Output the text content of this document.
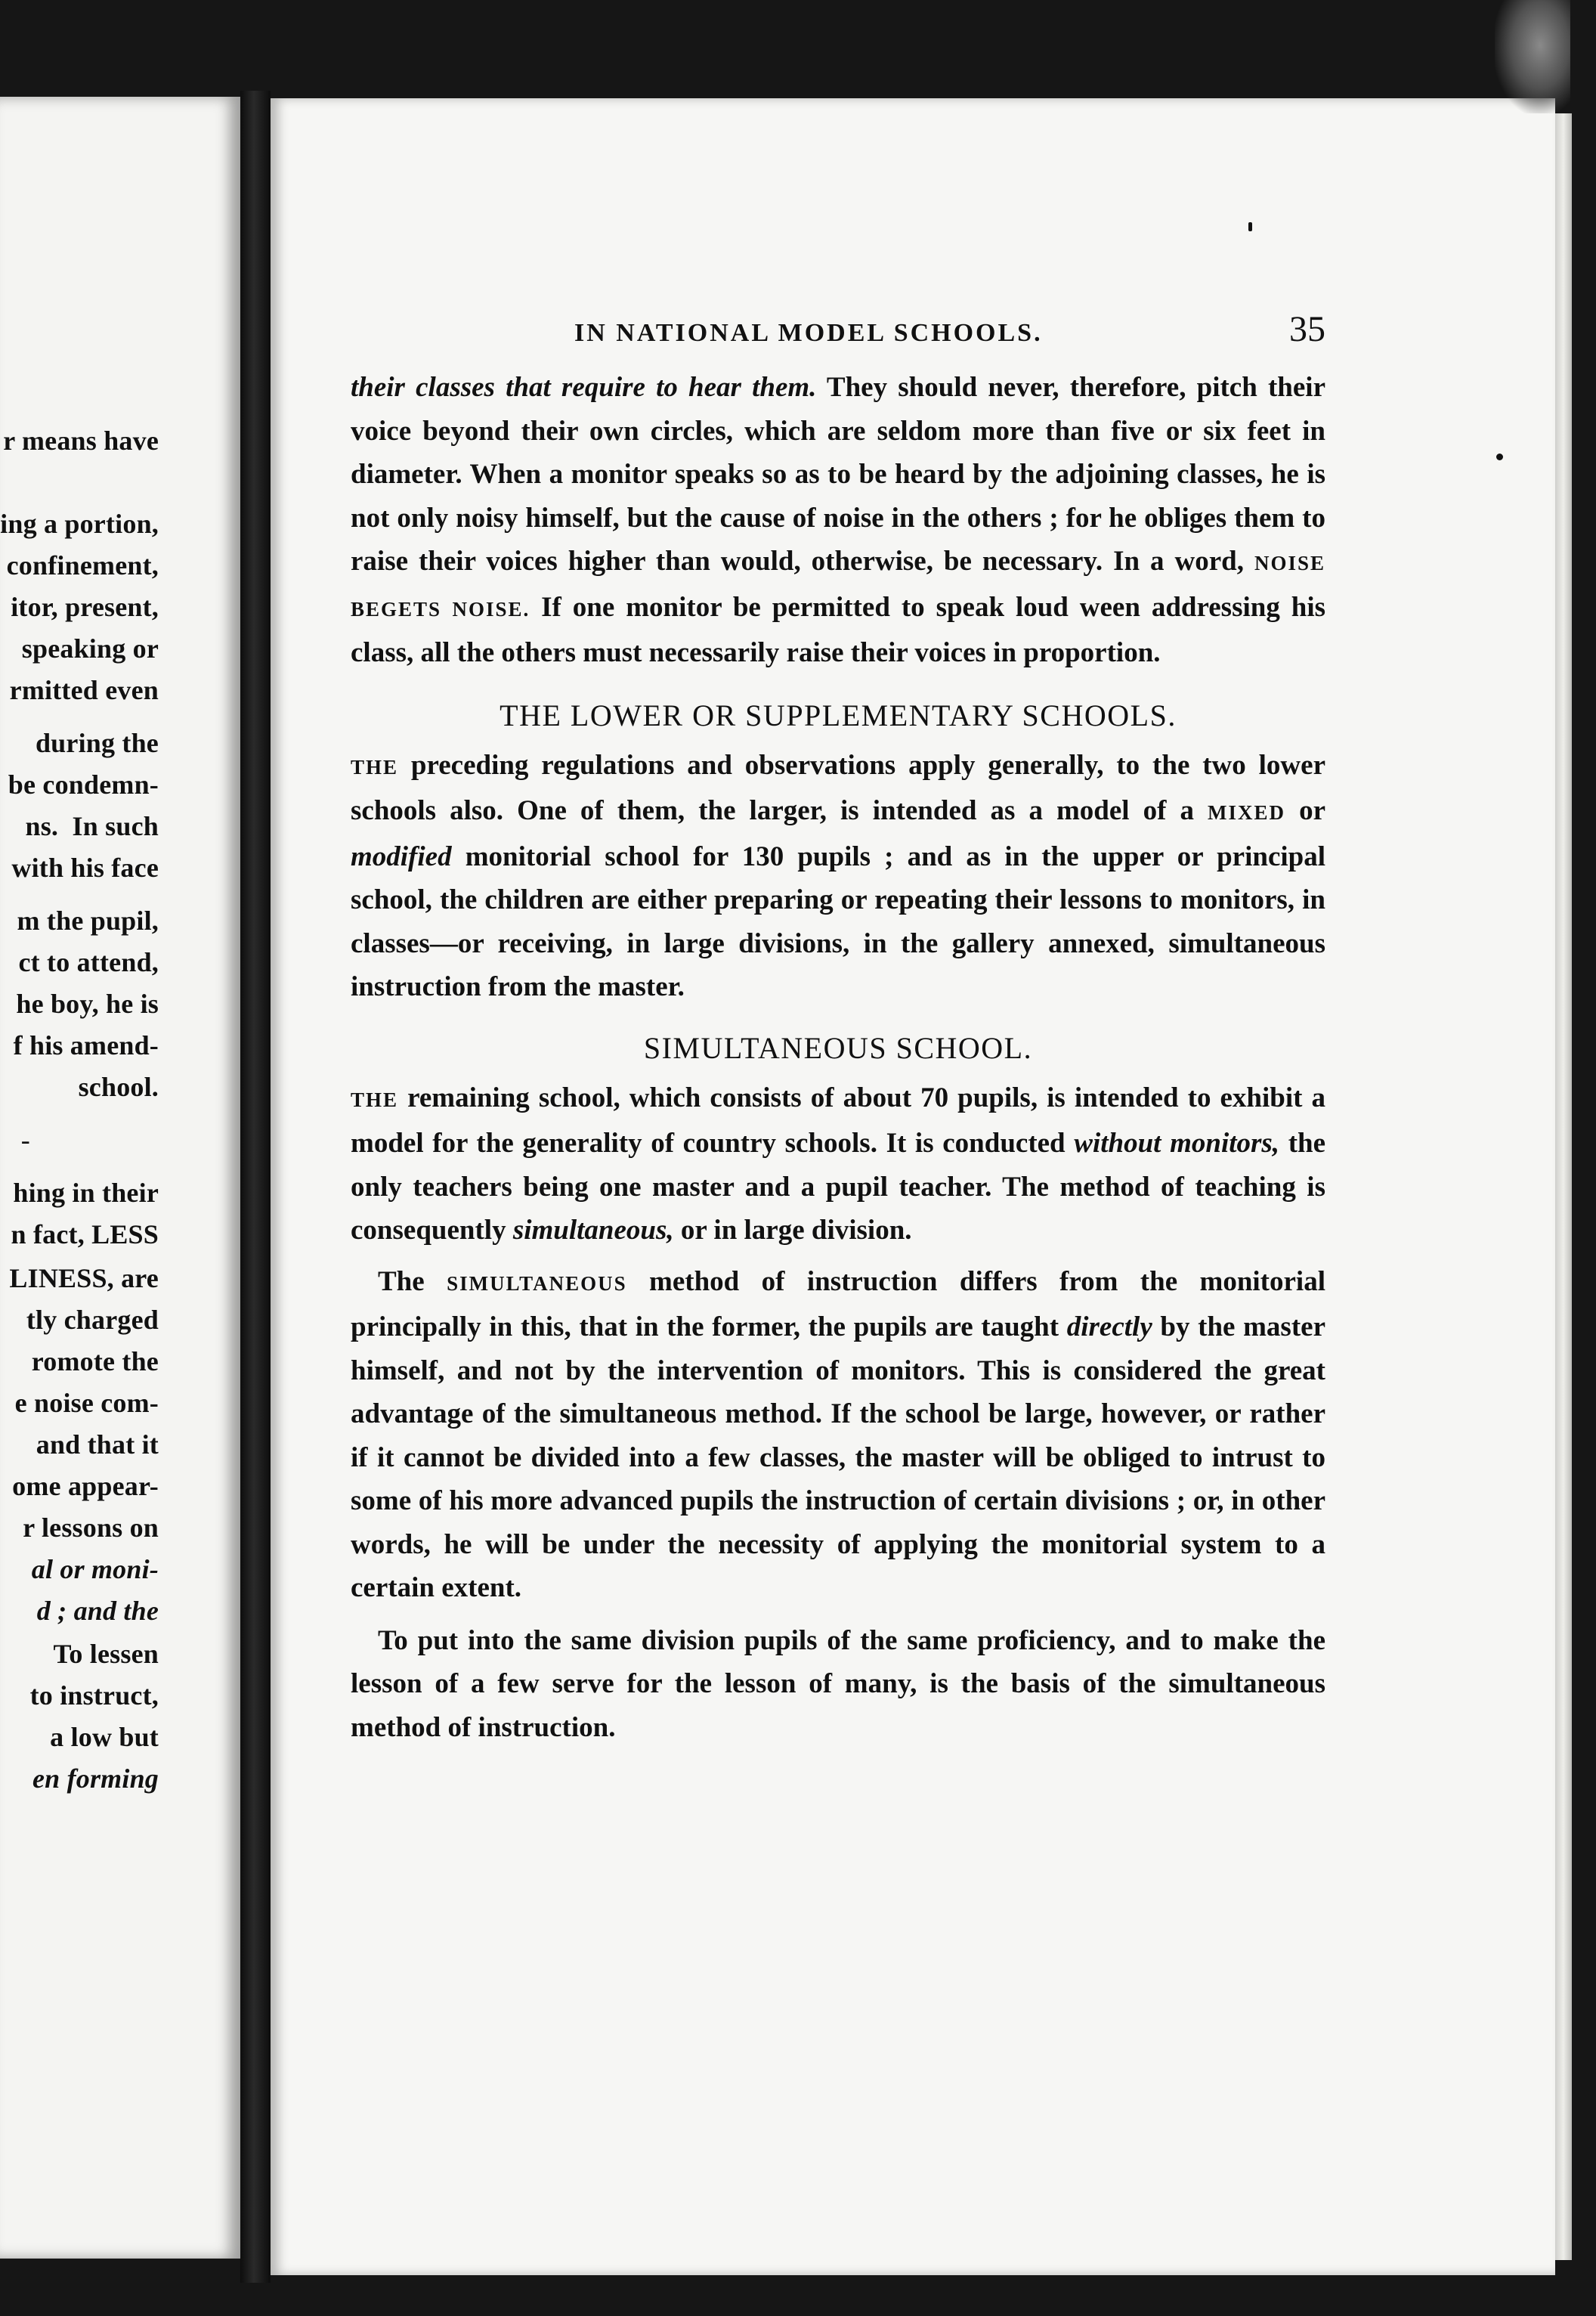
r means have
ing a portion,
confinement,
itor, present,
speaking or
rmitted even
during the
be condemn-
ns.  In such
with his face
m the pupil,
ct to attend,
he boy, he is
f his amend-
school.
-
hing in their
n fact, LESS
LINESS, are
tly charged
romote the
e noise com-
and that it
ome appear-
r lessons on
al or moni-
d ; and the
To lessen
to instruct,
a low but
en forming
IN NATIONAL MODEL SCHOOLS.	35

their classes that require to hear them. They should never, therefore, pitch their voice beyond their own circles, which are seldom more than five or six feet in diameter. When a monitor speaks so as to be heard by the adjoining classes, he is not only noisy himself, but the cause of noise in the others ; for he obliges them to raise their voices higher than would, otherwise, be necessary. In a word, NOISE BEGETS NOISE. If one monitor be permitted to speak loud ween addressing his class, all the others must necessarily raise their voices in proportion.

THE LOWER OR SUPPLEMENTARY SCHOOLS.

THE preceding regulations and observations apply generally, to the two lower schools also. One of them, the larger, is intended as a model of a MIXED or modified monitorial school for 130 pupils ; and as in the upper or principal school, the children are either preparing or repeating their lessons to monitors, in classes—or receiving, in large divisions, in the gallery annexed, simultaneous instruction from the master.

SIMULTANEOUS SCHOOL.

THE remaining school, which consists of about 70 pupils, is intended to exhibit a model for the generality of country schools. It is conducted without monitors, the only teachers being one master and a pupil teacher. The method of teaching is consequently simultaneous, or in large division.

The SIMULTANEOUS method of instruction differs from the monitorial principally in this, that in the former, the pupils are taught directly by the master himself, and not by the intervention of monitors. This is considered the great advantage of the simultaneous method. If the school be large, however, or rather if it cannot be divided into a few classes, the master will be obliged to intrust to some of his more advanced pupils the instruction of certain divisions ; or, in other words, he will be under the necessity of applying the monitorial system to a certain extent.

To put into the same division pupils of the same proficiency, and to make the lesson of a few serve for the lesson of many, is the basis of the simultaneous method of instruction.
